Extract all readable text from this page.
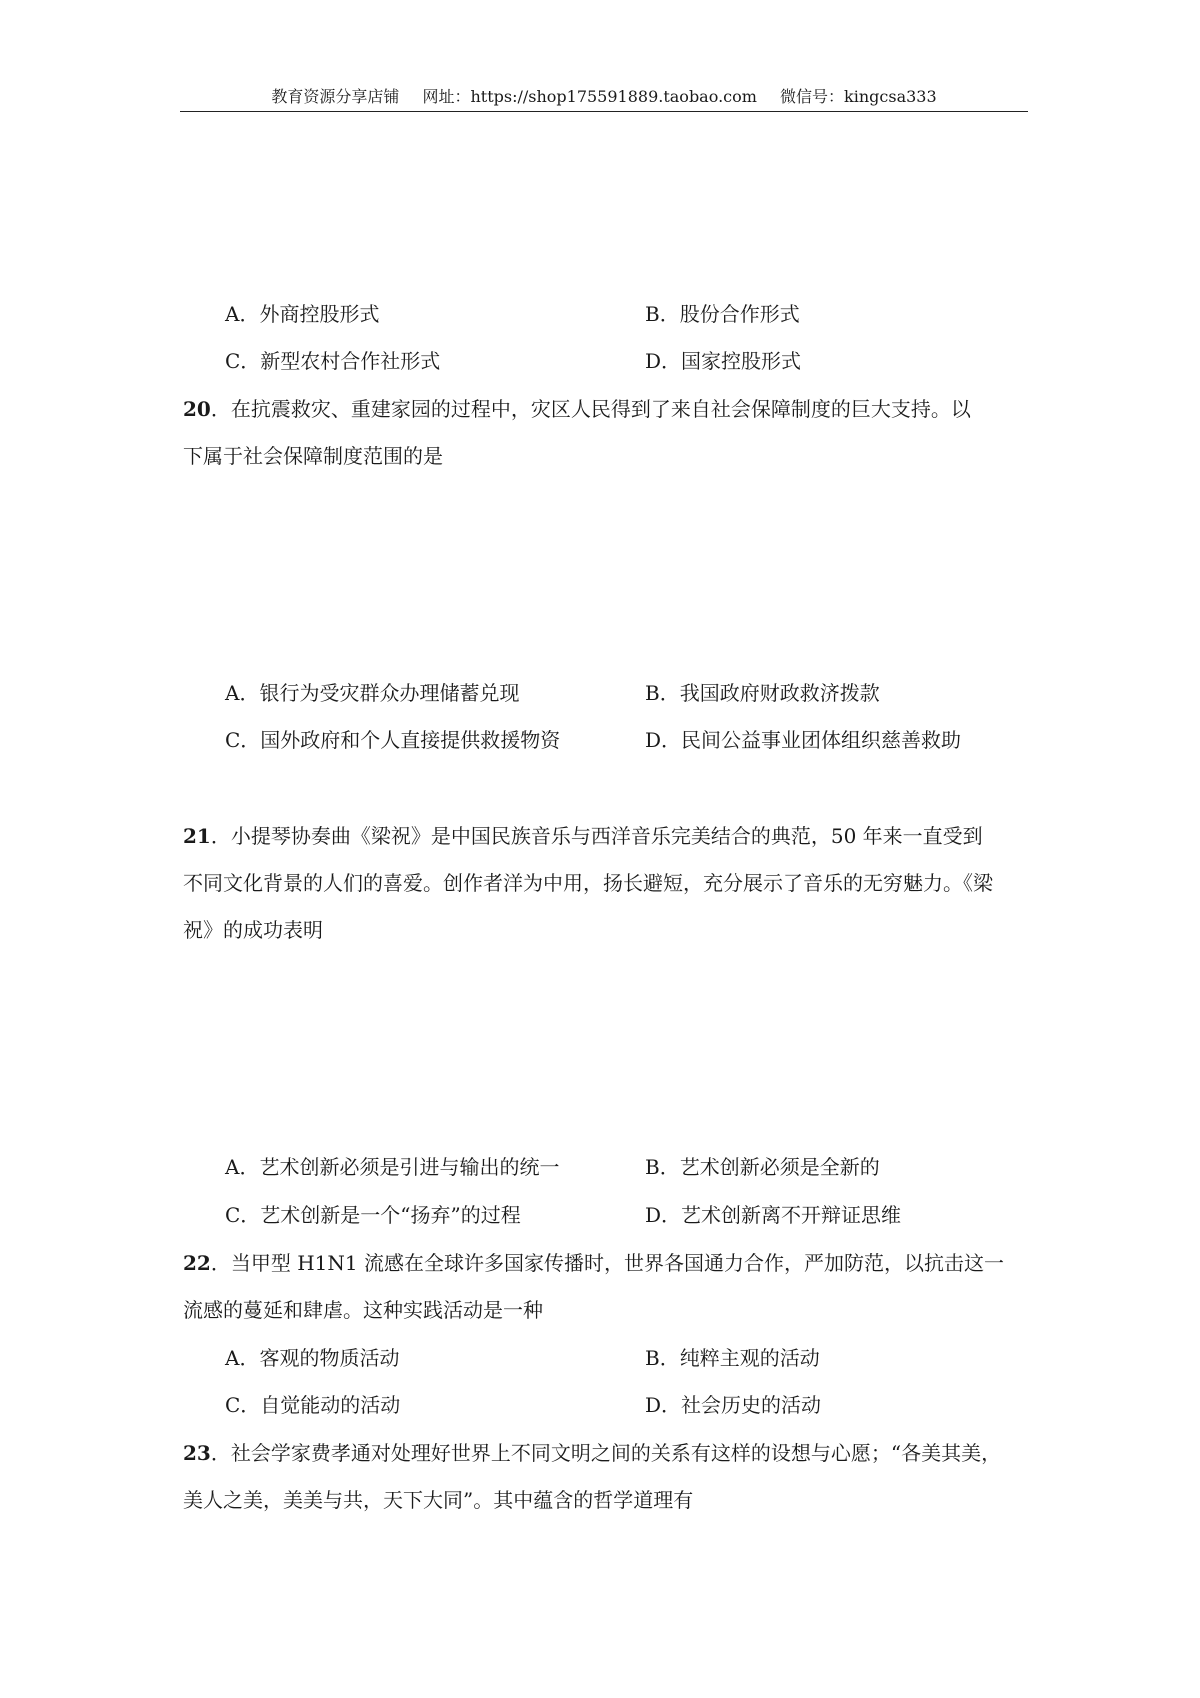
教育资源分享店铺 网址：https://shop175591889.taobao.com 微信号：kingcsa333
A．外商控股形式	B．股份合作形式
C．新型农村合作社形式	D．国家控股形式
20．在抗震救灾、重建家园的过程中，灾区人民得到了来自社会保障制度的巨大支持。以
下属于社会保障制度范围的是
A．银行为受灾群众办理储蓄兑现	B．我国政府财政救济拨款
C．国外政府和个人直接提供救援物资	D．民间公益事业团体组织慈善救助
21．小提琴协奏曲《梁祝》是中国民族音乐与西洋音乐完美结合的典范，50 年来一直受到
不同文化背景的人们的喜爱。创作者洋为中用，扬长避短，充分展示了音乐的无穷魅力。《梁
祝》的成功表明
A．艺术创新必须是引进与输出的统一	B．艺术创新必须是全新的
C．艺术创新是一个“扬弃”的过程	D．艺术创新离不开辩证思维
22．当甲型 H1N1 流感在全球许多国家传播时，世界各国通力合作，严加防范，以抗击这一
流感的蔓延和肆虐。这种实践活动是一种
A．客观的物质活动	B．纯粹主观的活动
C．自觉能动的活动	D．社会历史的活动
23．社会学家费孝通对处理好世界上不同文明之间的关系有这样的设想与心愿；“各美其美，
美人之美，美美与共，天下大同”。其中蕴含的哲学道理有
